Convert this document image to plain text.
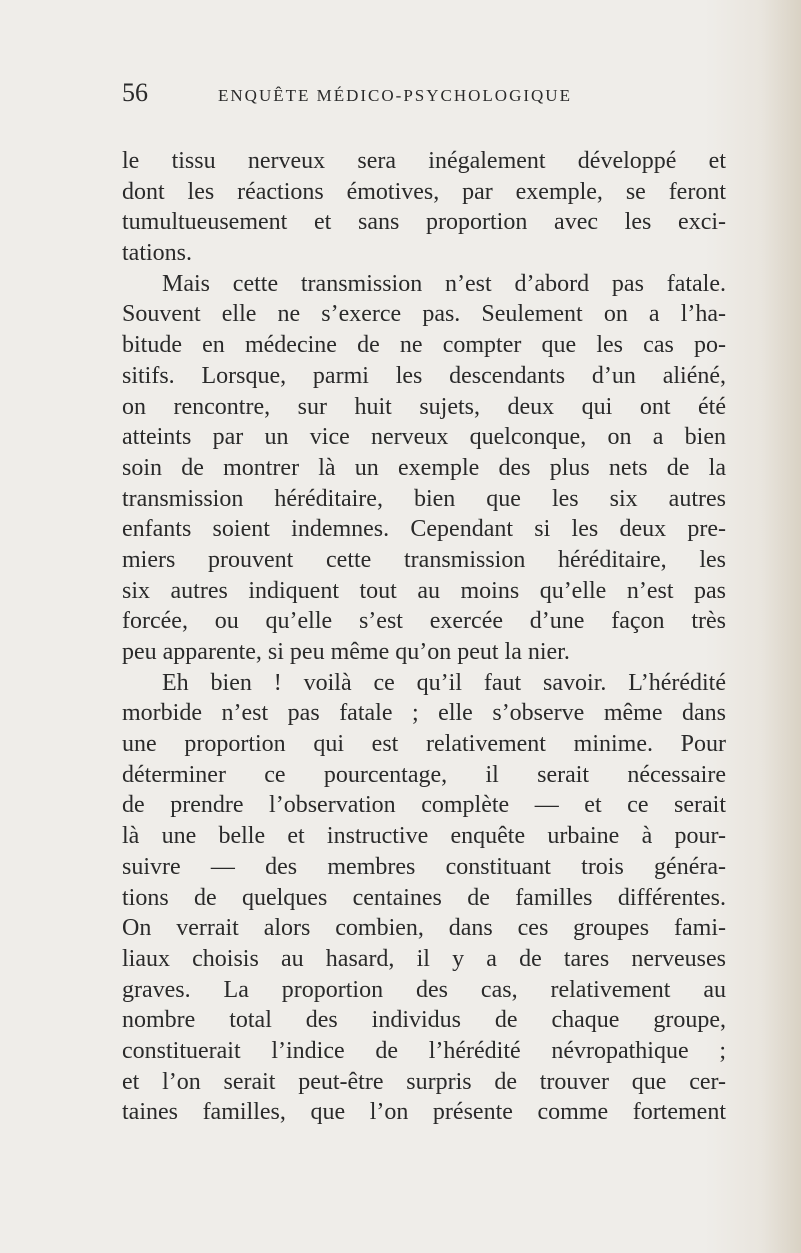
56	ENQUÊTE MÉDICO-PSYCHOLOGIQUE
le tissu nerveux sera inégalement développé et
dont les réactions émotives, par exemple, se feront
tumultueusement et sans proportion avec les exci-
tations.
Mais cette transmission n’est d’abord pas fatale.
Souvent elle ne s’exerce pas. Seulement on a l’ha-
bitude en médecine de ne compter que les cas po-
sitifs. Lorsque, parmi les descendants d’un aliéné,
on rencontre, sur huit sujets, deux qui ont été
atteints par un vice nerveux quelconque, on a bien
soin de montrer là un exemple des plus nets de la
transmission héréditaire, bien que les six autres
enfants soient indemnes. Cependant si les deux pre-
miers prouvent cette transmission héréditaire, les
six autres indiquent tout au moins qu’elle n’est pas
forcée, ou qu’elle s’est exercée d’une façon très
peu apparente, si peu même qu’on peut la nier.
Eh bien ! voilà ce qu’il faut savoir. L’hérédité
morbide n’est pas fatale ; elle s’observe même dans
une proportion qui est relativement minime. Pour
déterminer ce pourcentage, il serait nécessaire
de prendre l’observation complète — et ce serait
là une belle et instructive enquête urbaine à pour-
suivre — des membres constituant trois généra-
tions de quelques centaines de familles différentes.
On verrait alors combien, dans ces groupes fami-
liaux choisis au hasard, il y a de tares nerveuses
graves. La proportion des cas, relativement au
nombre total des individus de chaque groupe,
constituerait l’indice de l’hérédité névropathique ;
et l’on serait peut-être surpris de trouver que cer-
taines familles, que l’on présente comme fortement
